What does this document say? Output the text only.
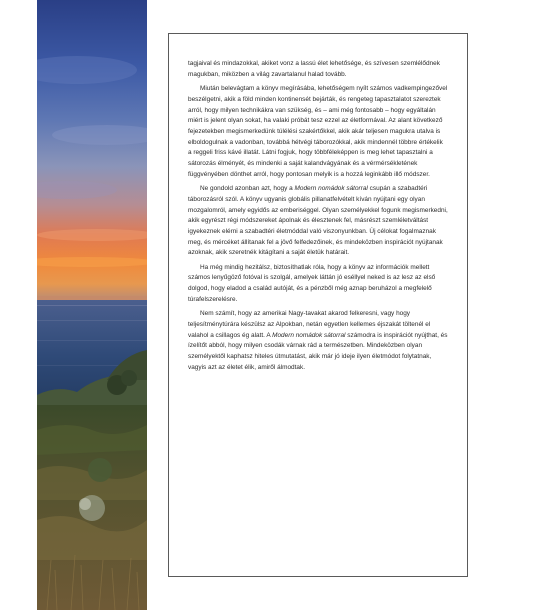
tagjaival és mindazokkal, akiket vonz a lassú élet lehetősége, és szívesen szemlélődnek magukban, miközben a világ zavartalanul halad tovább.

Miután belevágtam a könyv megírásába, lehetőségem nyílt számos vadkempingezővel beszélgetni, akik a föld minden kontinensét bejárták, és rengeteg tapasztalatot szereztek arról, hogy milyen technikákra van szükség, és – ami még fontosabb – hogy egyáltalán miért is jelent olyan sokat, ha valaki próbát tesz ezzel az életformával. Az alant következő fejezetekben megismerkedünk túlélési szakértőkkel, akik akár teljesen magukra utalva is elboldogulnak a vadonban, továbbá hétvégi táborozókkal, akik mindennél többre értékelik a reggeli friss kávé illatát. Látni fogjuk, hogy többféleképpen is meg lehet tapasztalni a sátorozás élményét, és mindenki a saját kalandvágyának és a vérmérsékletének függvényében dönthet arról, hogy pontosan melyik is a hozzá leginkább illő módszer.

Ne gondold azonban azt, hogy a Modern nomádok sátorral csupán a szabadtéri táborozásról szól. A könyv ugyanis globális pillanatfelvételt kíván nyújtani egy olyan mozgalomról, amely egyidős az emberiséggel. Olyan személyekkel fogunk megismerkedni, akik egyrészt régi módszereket ápolnak és élesztenek fel, másrészt szemléletváltást igyekeznek elérni a szabadtéri életmóddal való viszonyunkban. Új célokat fogalmaznak meg, és mércéket állítanak fel a jövő felfedezőinek, és mindeközben inspirációt nyújtanak azoknak, akik szeretnék kitágítani a saját életük határait.

Ha még mindig hezitálsz, biztosíthatlak róla, hogy a könyv az információk mellett számos lenyűgöző fotóval is szolgál, amelyek láttán jó eséllyel neked is az lesz az első dolgod, hogy eladod a család autóját, és a pénzből még aznap beruházol a megfelelő túrafelszerelésre.

Nem számít, hogy az amerikai Nagy-tavakat akarod felkeresni, vagy hogy teljesítménytúrára készülsz az Alpokban, netán egyetlen kellemes éjszakát töltenél el valahol a csillagos ég alatt. A Modern nomádok sátorral számodra is inspirációt nyújthat, és ízelítőt abból, hogy milyen csodák várnak rád a természetben. Mindeközben olyan személyektől kaphatsz hiteles útmutatást, akik már jó ideje ilyen életmódot folytatnak, vagyis azt az életet élik, amiről álmodtak.
